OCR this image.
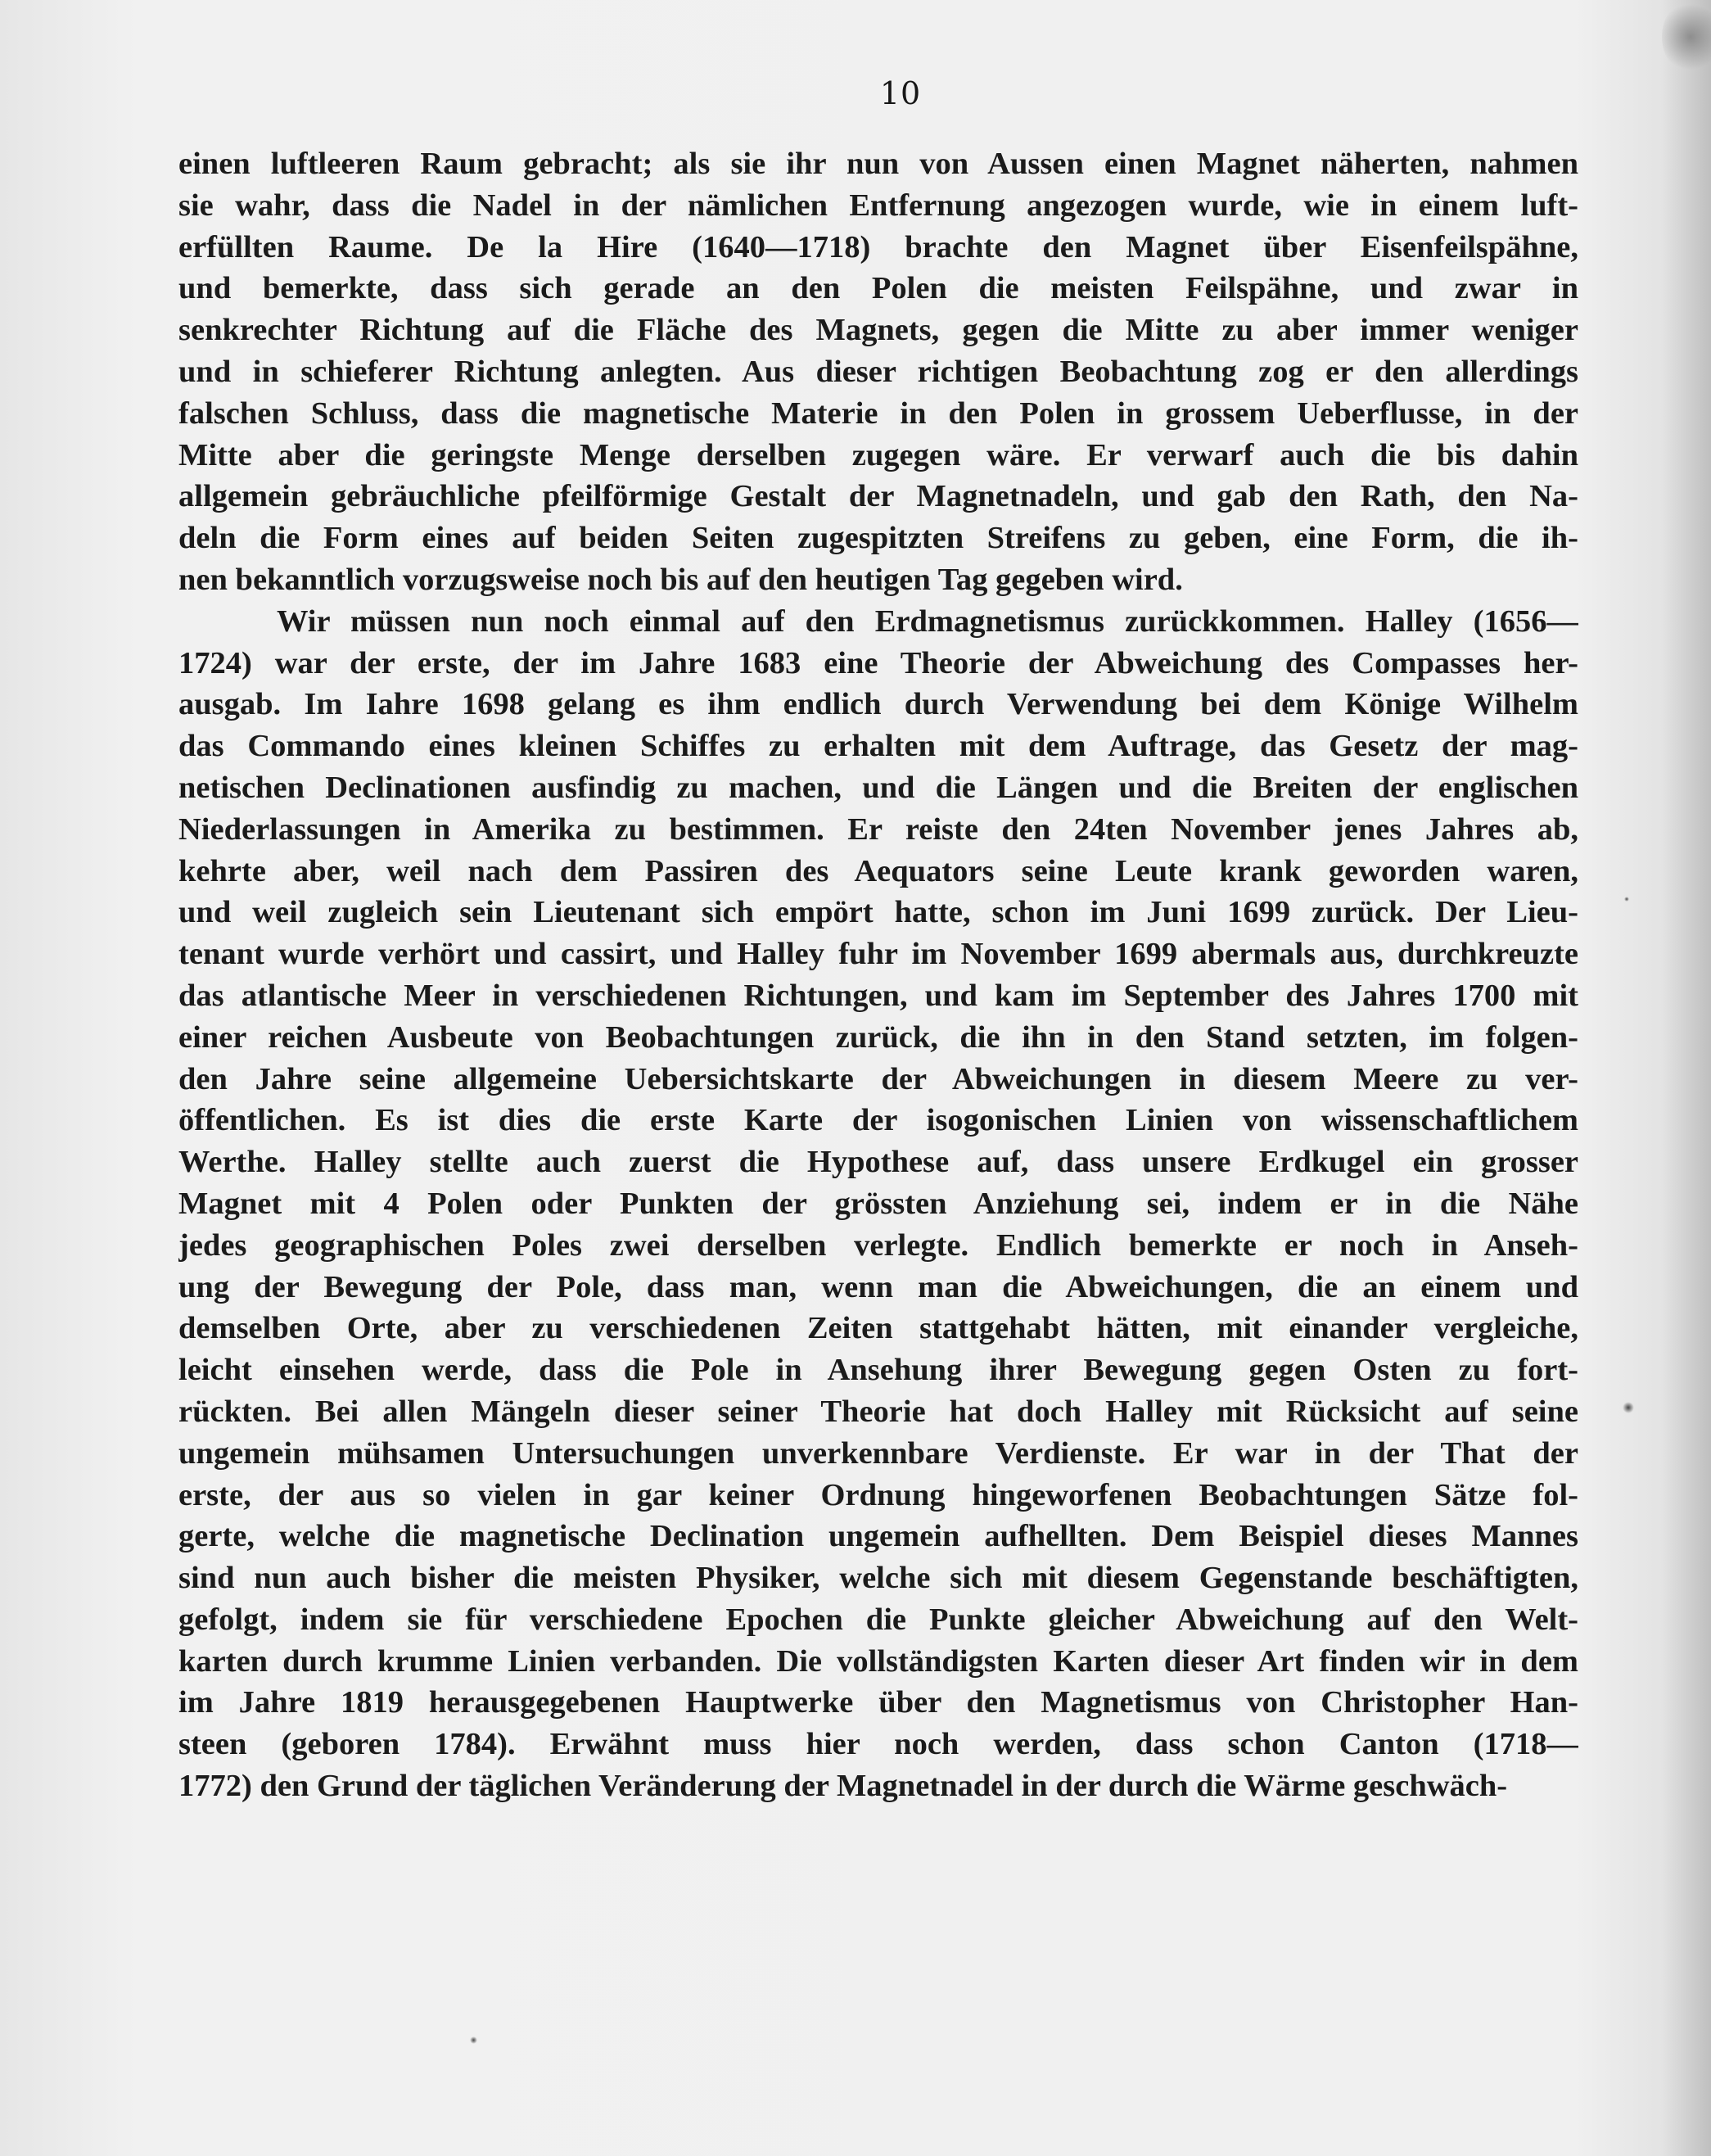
10
einen luftleeren Raum gebracht; als sie ihr nun von Aussen einen Magnet näherten, nahmen
sie wahr, dass die Nadel in der nämlichen Entfernung angezogen wurde, wie in einem luft-
erfüllten Raume. De la Hire (1640—1718) brachte den Magnet über Eisenfeilspähne,
und bemerkte, dass sich gerade an den Polen die meisten Feilspähne, und zwar in
senkrechter Richtung auf die Fläche des Magnets, gegen die Mitte zu aber immer weniger
und in schieferer Richtung anlegten. Aus dieser richtigen Beobachtung zog er den allerdings
falschen Schluss, dass die magnetische Materie in den Polen in grossem Ueberflusse, in der
Mitte aber die geringste Menge derselben zugegen wäre. Er verwarf auch die bis dahin
allgemein gebräuchliche pfeilförmige Gestalt der Magnetnadeln, und gab den Rath, den Na-
deln die Form eines auf beiden Seiten zugespitzten Streifens zu geben, eine Form, die ih-
nen bekanntlich vorzugsweise noch bis auf den heutigen Tag gegeben wird.
Wir müssen nun noch einmal auf den Erdmagnetismus zurückkommen. Halley (1656—
1724) war der erste, der im Jahre 1683 eine Theorie der Abweichung des Compasses her-
ausgab. Im Iahre 1698 gelang es ihm endlich durch Verwendung bei dem Könige Wilhelm
das Commando eines kleinen Schiffes zu erhalten mit dem Auftrage, das Gesetz der mag-
netischen Declinationen ausfindig zu machen, und die Längen und die Breiten der englischen
Niederlassungen in Amerika zu bestimmen. Er reiste den 24ten November jenes Jahres ab,
kehrte aber, weil nach dem Passiren des Aequators seine Leute krank geworden waren,
und weil zugleich sein Lieutenant sich empört hatte, schon im Juni 1699 zurück. Der Lieu-
tenant wurde verhört und cassirt, und Halley fuhr im November 1699 abermals aus, durchkreuzte
das atlantische Meer in verschiedenen Richtungen, und kam im September des Jahres 1700 mit
einer reichen Ausbeute von Beobachtungen zurück, die ihn in den Stand setzten, im folgen-
den Jahre seine allgemeine Uebersichtskarte der Abweichungen in diesem Meere zu ver-
öffentlichen. Es ist dies die erste Karte der isogonischen Linien von wissenschaftlichem
Werthe. Halley stellte auch zuerst die Hypothese auf, dass unsere Erdkugel ein grosser
Magnet mit 4 Polen oder Punkten der grössten Anziehung sei, indem er in die Nähe
jedes geographischen Poles zwei derselben verlegte. Endlich bemerkte er noch in Anseh-
ung der Bewegung der Pole, dass man, wenn man die Abweichungen, die an einem und
demselben Orte, aber zu verschiedenen Zeiten stattgehabt hätten, mit einander vergleiche,
leicht einsehen werde, dass die Pole in Ansehung ihrer Bewegung gegen Osten zu fort-
rückten. Bei allen Mängeln dieser seiner Theorie hat doch Halley mit Rücksicht auf seine
ungemein mühsamen Untersuchungen unverkennbare Verdienste. Er war in der That der
erste, der aus so vielen in gar keiner Ordnung hingeworfenen Beobachtungen Sätze fol-
gerte, welche die magnetische Declination ungemein aufhellten. Dem Beispiel dieses Mannes
sind nun auch bisher die meisten Physiker, welche sich mit diesem Gegenstande beschäftigten,
gefolgt, indem sie für verschiedene Epochen die Punkte gleicher Abweichung auf den Welt-
karten durch krumme Linien verbanden. Die vollständigsten Karten dieser Art finden wir in dem
im Jahre 1819 herausgegebenen Hauptwerke über den Magnetismus von Christopher Han-
steen (geboren 1784). Erwähnt muss hier noch werden, dass schon Canton (1718—
1772) den Grund der täglichen Veränderung der Magnetnadel in der durch die Wärme geschwäch-
